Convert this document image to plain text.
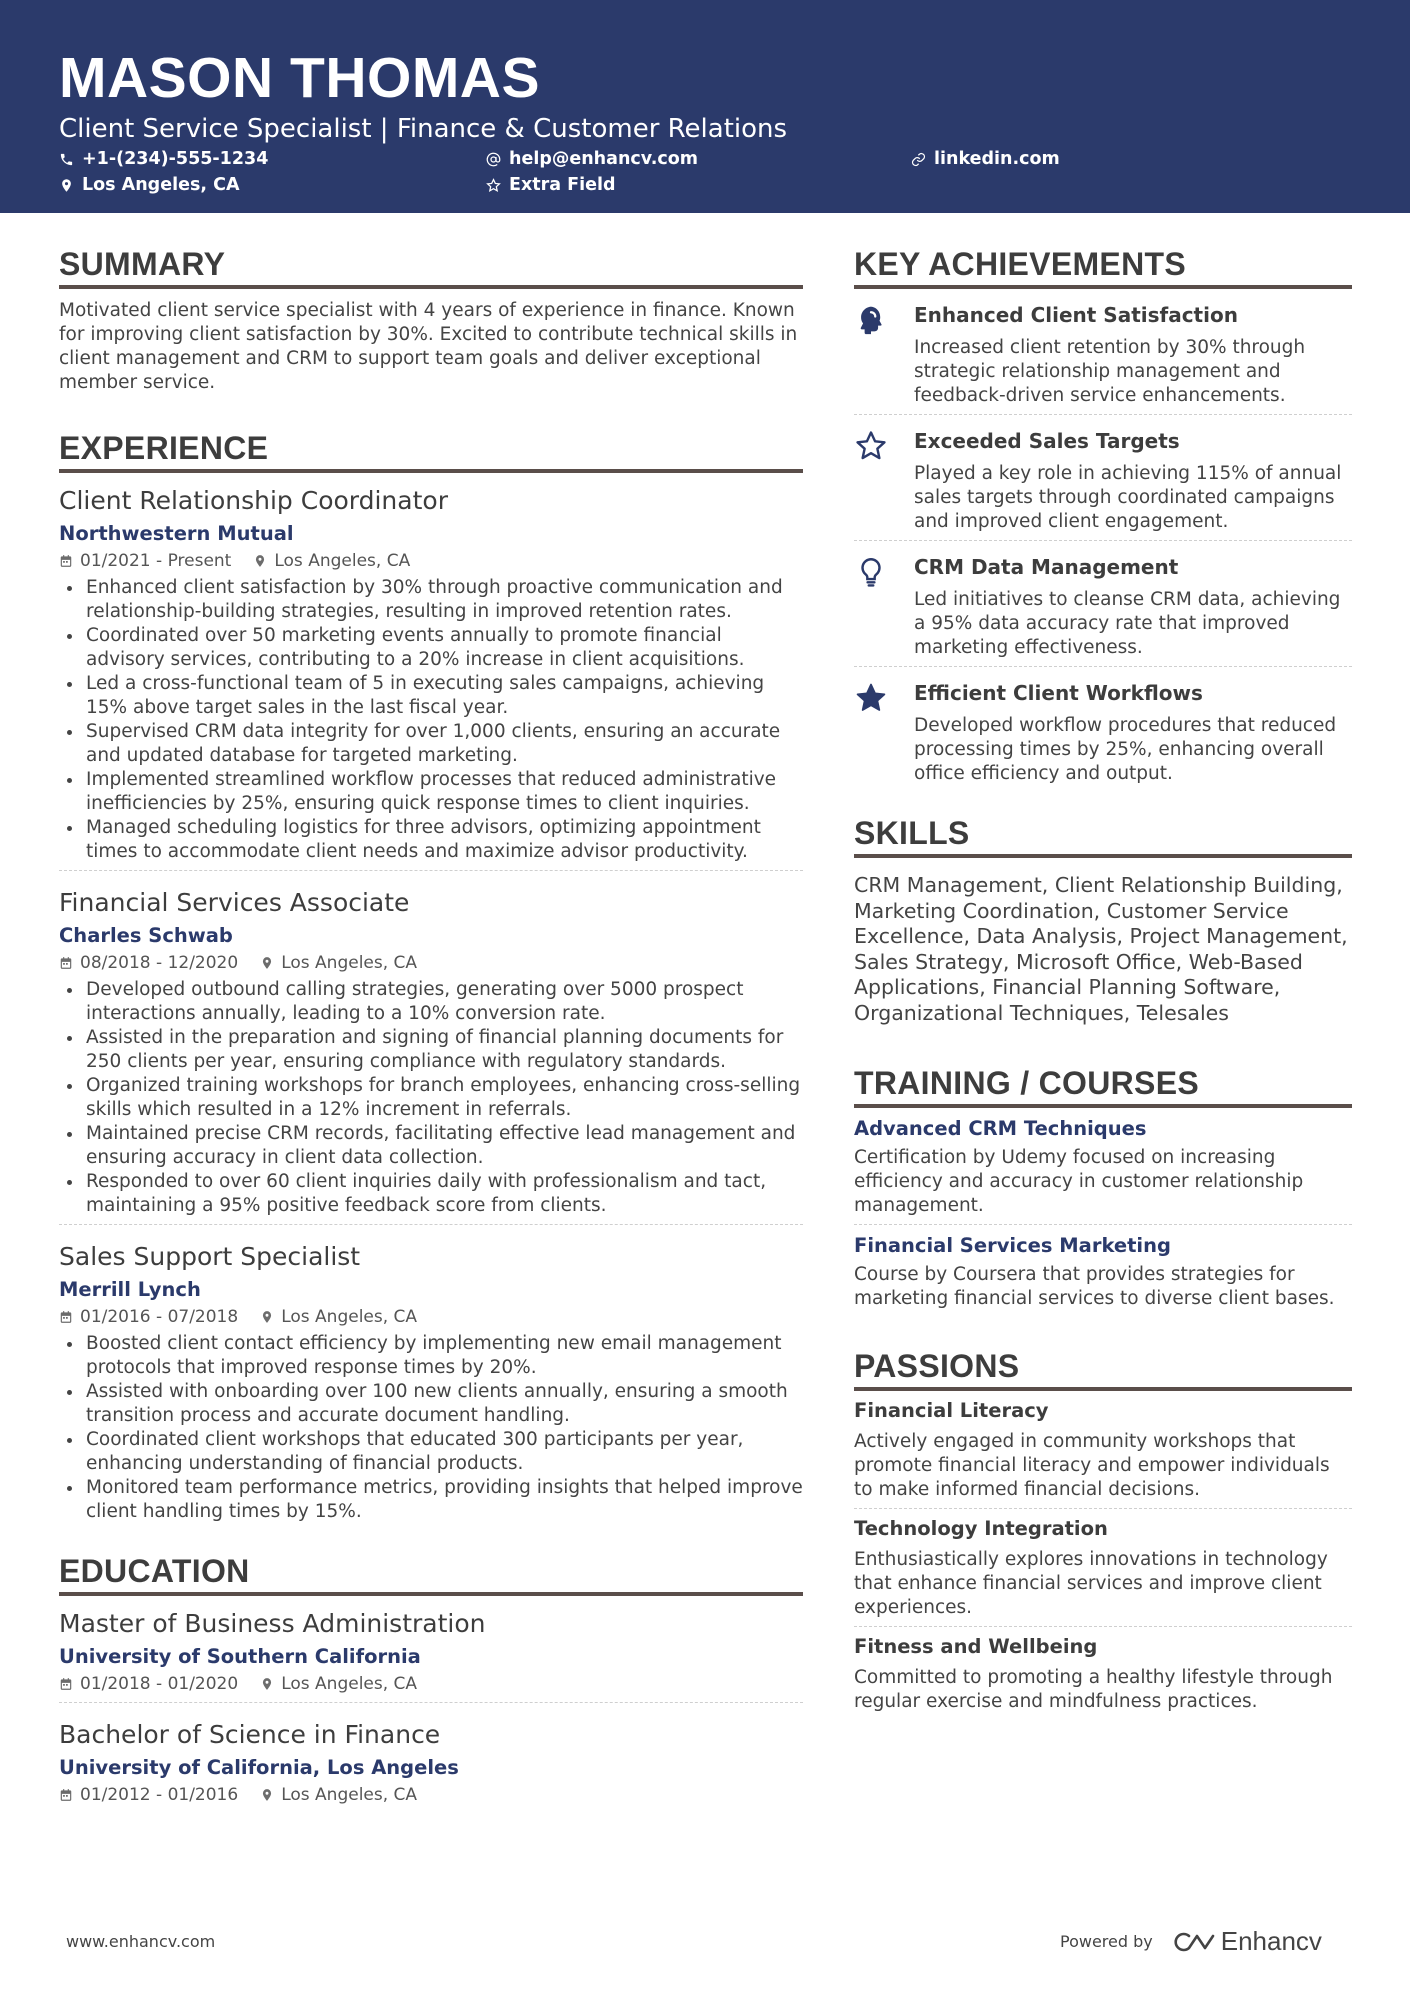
MASON THOMAS
Client Service Specialist | Finance & Customer Relations
+1-(234)-555-1234	help@enhancv.com	linkedin.com
Los Angeles, CA	Extra Field
SUMMARY
Motivated client service specialist with 4 years of experience in finance. Known for improving client satisfaction by 30%. Excited to contribute technical skills in client management and CRM to support team goals and deliver exceptional member service.
EXPERIENCE
Client Relationship Coordinator
Northwestern Mutual
01/2021 - Present	Los Angeles, CA
Enhanced client satisfaction by 30% through proactive communication and relationship-building strategies, resulting in improved retention rates.
Coordinated over 50 marketing events annually to promote financial advisory services, contributing to a 20% increase in client acquisitions.
Led a cross-functional team of 5 in executing sales campaigns, achieving 15% above target sales in the last fiscal year.
Supervised CRM data integrity for over 1,000 clients, ensuring an accurate and updated database for targeted marketing.
Implemented streamlined workflow processes that reduced administrative inefficiencies by 25%, ensuring quick response times to client inquiries.
Managed scheduling logistics for three advisors, optimizing appointment times to accommodate client needs and maximize advisor productivity.
Financial Services Associate
Charles Schwab
08/2018 - 12/2020	Los Angeles, CA
Developed outbound calling strategies, generating over 5000 prospect interactions annually, leading to a 10% conversion rate.
Assisted in the preparation and signing of financial planning documents for 250 clients per year, ensuring compliance with regulatory standards.
Organized training workshops for branch employees, enhancing cross-selling skills which resulted in a 12% increment in referrals.
Maintained precise CRM records, facilitating effective lead management and ensuring accuracy in client data collection.
Responded to over 60 client inquiries daily with professionalism and tact, maintaining a 95% positive feedback score from clients.
Sales Support Specialist
Merrill Lynch
01/2016 - 07/2018	Los Angeles, CA
Boosted client contact efficiency by implementing new email management protocols that improved response times by 20%.
Assisted with onboarding over 100 new clients annually, ensuring a smooth transition process and accurate document handling.
Coordinated client workshops that educated 300 participants per year, enhancing understanding of financial products.
Monitored team performance metrics, providing insights that helped improve client handling times by 15%.
EDUCATION
Master of Business Administration
University of Southern California
01/2018 - 01/2020	Los Angeles, CA
Bachelor of Science in Finance
University of California, Los Angeles
01/2012 - 01/2016	Los Angeles, CA
KEY ACHIEVEMENTS
Enhanced Client Satisfaction
Increased client retention by 30% through strategic relationship management and feedback-driven service enhancements.
Exceeded Sales Targets
Played a key role in achieving 115% of annual sales targets through coordinated campaigns and improved client engagement.
CRM Data Management
Led initiatives to cleanse CRM data, achieving a 95% data accuracy rate that improved marketing effectiveness.
Efficient Client Workflows
Developed workflow procedures that reduced processing times by 25%, enhancing overall office efficiency and output.
SKILLS
CRM Management, Client Relationship Building, Marketing Coordination, Customer Service Excellence, Data Analysis, Project Management, Sales Strategy, Microsoft Office, Web-Based Applications, Financial Planning Software, Organizational Techniques, Telesales
TRAINING / COURSES
Advanced CRM Techniques
Certification by Udemy focused on increasing efficiency and accuracy in customer relationship management.
Financial Services Marketing
Course by Coursera that provides strategies for marketing financial services to diverse client bases.
PASSIONS
Financial Literacy
Actively engaged in community workshops that promote financial literacy and empower individuals to make informed financial decisions.
Technology Integration
Enthusiastically explores innovations in technology that enhance financial services and improve client experiences.
Fitness and Wellbeing
Committed to promoting a healthy lifestyle through regular exercise and mindfulness practices.
www.enhancv.com	Powered by	Enhancv
